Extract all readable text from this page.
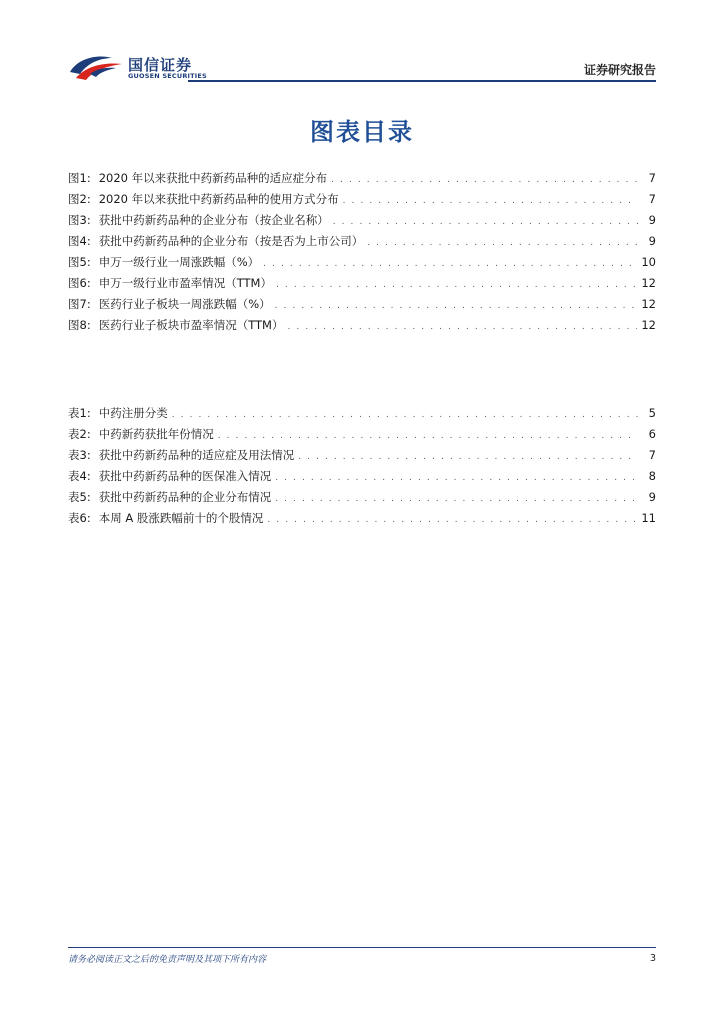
国信证券
GUOSEN SECURITIES	证券研究报告
图表目录
图1: 2020 年以来获批中药新药品种的适应症分布 . . .	7
图2: 2020 年以来获批中药新药品种的使用方式分布 . . .	7
图3: 获批中药新药品种的企业分布（按企业名称） . . .	9
图4: 获批中药新药品种的企业分布（按是否为上市公司） . . .	9
图5: 申万一级行业一周涨跌幅（%） . . .	10
图6: 申万一级行业市盈率情况（TTM） . . .	12
图7: 医药行业子板块一周涨跌幅（%） . . .	12
图8: 医药行业子板块市盈率情况（TTM） . . .	12
表1: 中药注册分类 . . .	5
表2: 中药新药获批年份情况 . . .	6
表3: 获批中药新药品种的适应症及用法情况 . . .	7
表4: 获批中药新药品种的医保准入情况 . . .	8
表5: 获批中药新药品种的企业分布情况 . . .	9
表6: 本周 A 股涨跌幅前十的个股情况 . . .	11
请务必阅读正文之后的免责声明及其项下所有内容	3
